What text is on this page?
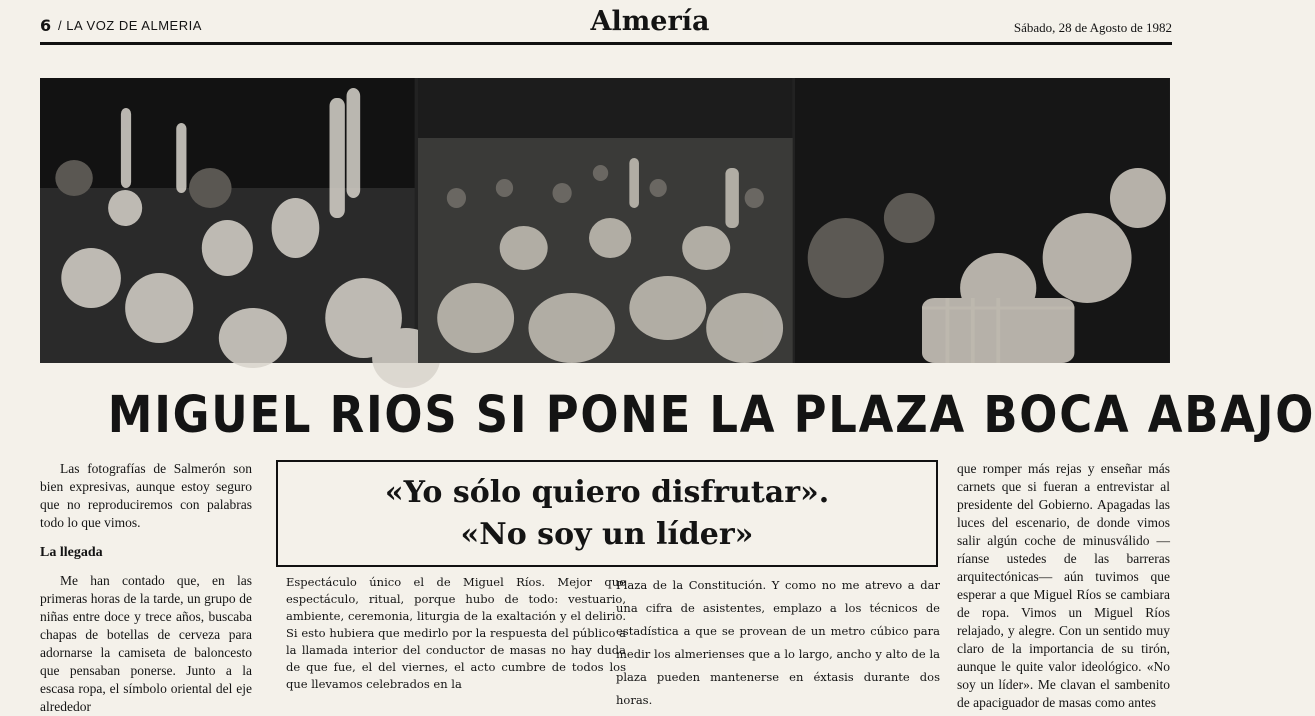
6 / LA VOZ DE ALMERIA	Almería	Sábado, 28 de Agosto de 1982
MIGUEL RIOS SI PONE LA PLAZA BOCA ABAJO

Las fotografías de Salmerón son bien expresivas, aunque estoy seguro que no reproduciremos con palabras todo lo que vimos.

La llegada

Me han contado que, en las primeras horas de la tarde, un grupo de niñas entre doce y trece años, buscaba chapas de botellas de cerveza para adornarse la camiseta de baloncesto que pensaban ponerse. Junto a la escasa ropa, el símbolo oriental del eje alrededor

«Yo sólo quiero disfrutar».
«No soy un líder»

Espectáculo único el de Miguel Ríos. Mejor que espectáculo, ritual, porque hubo de todo: vestuario, ambiente, ceremonia, liturgia de la exaltación y el delirio. Si esto hubiera que medirlo por la respuesta del público a la llamada interior del conductor de masas no hay duda de que fue, el del viernes, el acto cumbre de todos los que llevamos celebrados en la

Plaza de la Constitución. Y como no me atrevo a dar una cifra de asistentes, emplazo a los técnicos de estadística a que se provean de un metro cúbico para medir los almerienses que a lo largo, ancho y alto de la plaza pueden mantenerse en éxtasis durante dos horas.

que romper más rejas y enseñar más carnets que si fueran a entrevistar al presidente del Gobierno. Apagadas las luces del escenario, de donde vimos salir algún coche de minusválido —ríanse ustedes de las barreras arquitectónicas— aún tuvimos que esperar a que Miguel Ríos se cambiara de ropa. Vimos un Miguel Ríos relajado, y alegre. Con un sentido muy claro de la importancia de su tirón, aunque le quite valor ideológico. «No soy un líder». Me clavan el sambenito de apaciguador de masas como antes
